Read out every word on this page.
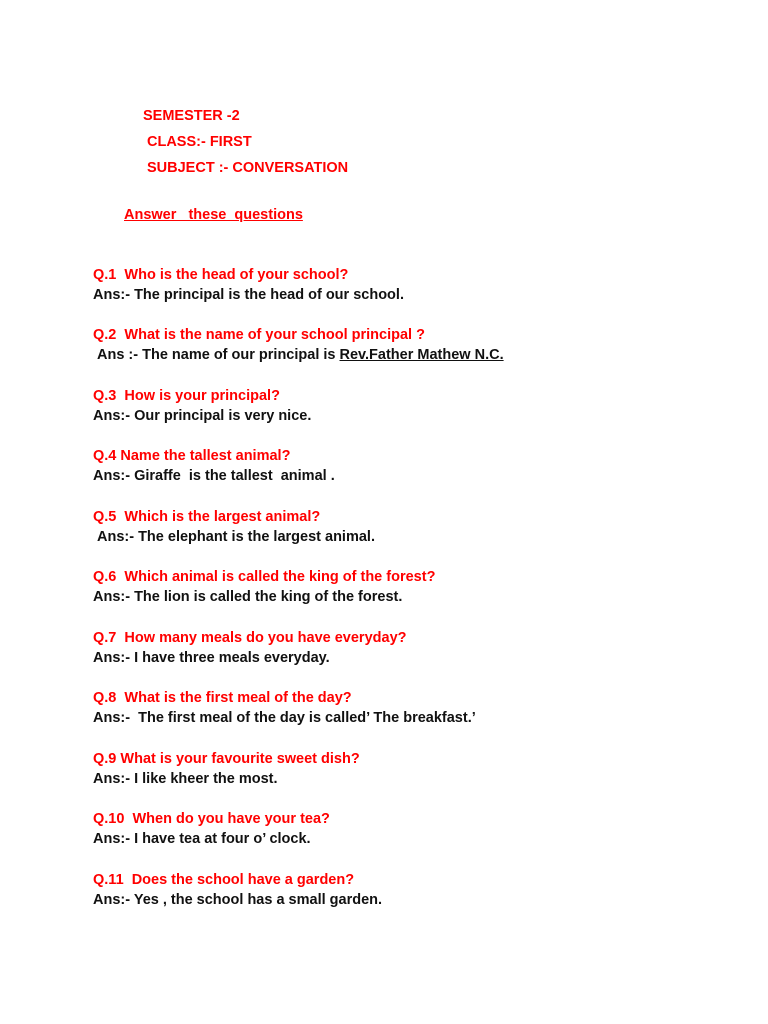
SEMESTER -2
CLASS:- FIRST
SUBJECT :- CONVERSATION
Answer   these  questions
Q.1  Who is the head of your school?
Ans:- The principal is the head of our school.
Q.2  What is the name of your school principal ?
Ans :- The name of our principal is Rev.Father Mathew N.C.
Q.3  How is your principal?
Ans:- Our principal is very nice.
Q.4 Name the tallest animal?
Ans:- Giraffe  is the tallest  animal .
Q.5  Which is the largest animal?
Ans:- The elephant is the largest animal.
Q.6  Which animal is called the king of the forest?
Ans:- The lion is called the king of the forest.
Q.7  How many meals do you have everyday?
Ans:- I have three meals everyday.
Q.8  What is the first meal of the day?
Ans:-  The first meal of the day is called’ The breakfast.’
Q.9 What is your favourite sweet dish?
Ans:- I like kheer the most.
Q.10  When do you have your tea?
Ans:- I have tea at four o’ clock.
Q.11  Does the school have a garden?
Ans:- Yes , the school has a small garden.
